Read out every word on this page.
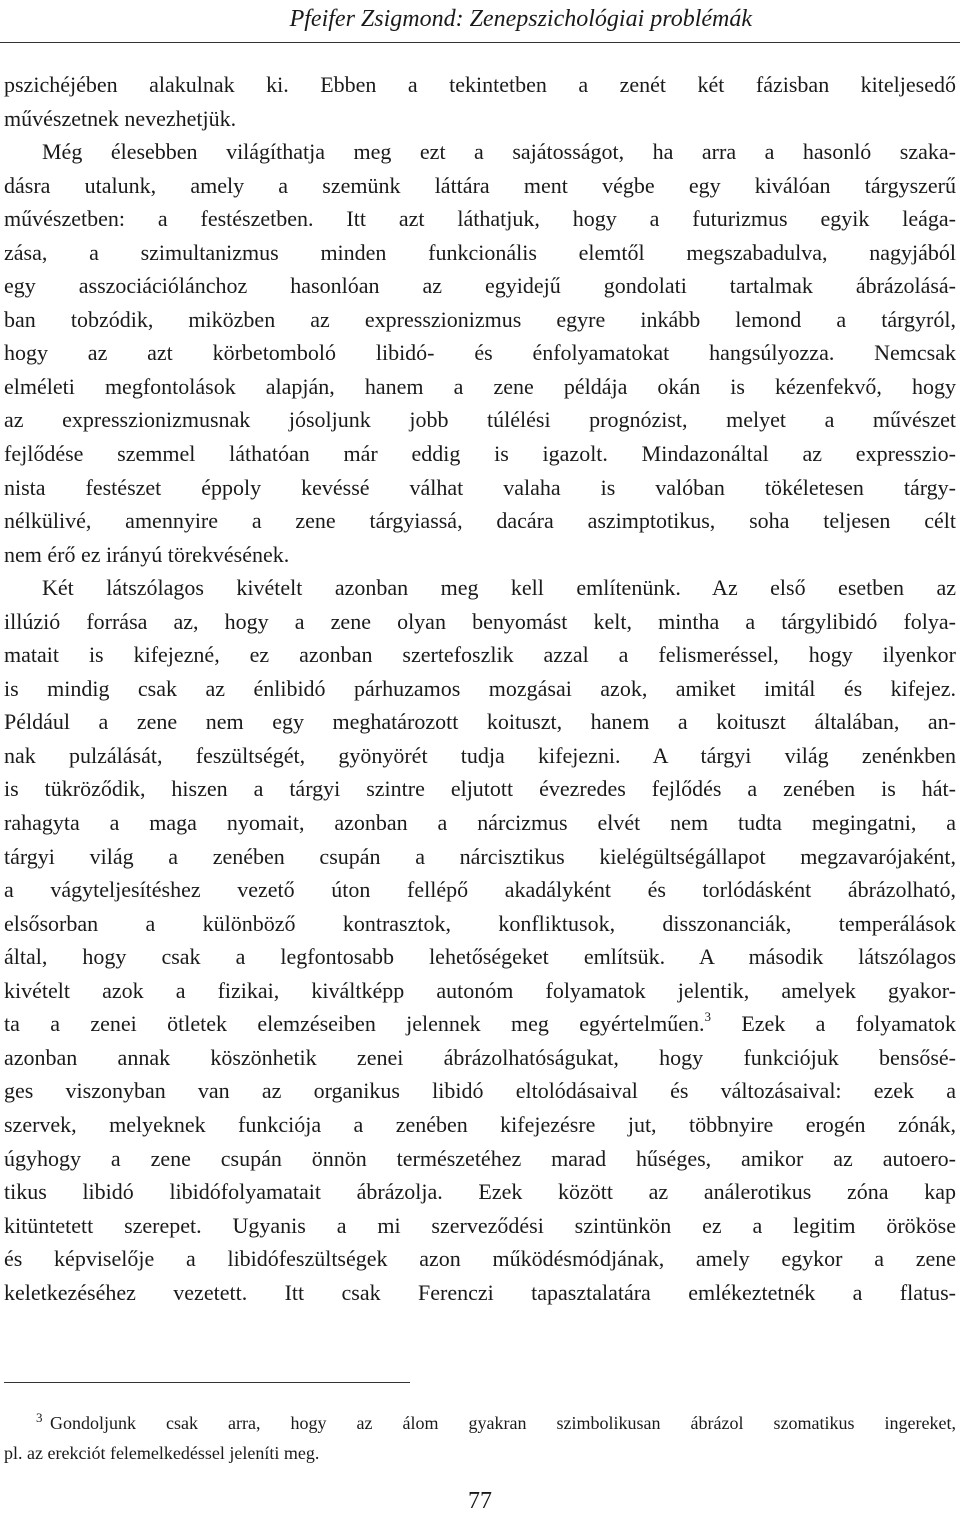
Pfeifer Zsigmond: Zenepszichológiai problémák
pszichéjében alakulnak ki. Ebben a tekintetben a zenét két fázisban kiteljesedő
művészetnek nevezhetjük.
Még élesebben világíthatja meg ezt a sajátosságot, ha arra a hasonló szaka-
dásra utalunk, amely a szemünk láttára ment végbe egy kiválóan tárgyszerű
művészetben: a festészetben. Itt azt láthatjuk, hogy a futurizmus egyik leága-
zása, a szimultanizmus minden funkcionális elemtől megszabadulva, nagyjából
egy asszociációlánchoz hasonlóan az egyidejű gondolati tartalmak ábrázolásá-
ban tobzódik, miközben az expresszionizmus egyre inkább lemond a tárgyról,
hogy az azt körbetomboló libidó- és énfolyamatokat hangsúlyozza. Nemcsak
elméleti megfontolások alapján, hanem a zene példája okán is kézenfekvő, hogy
az expresszionizmusnak jósoljunk jobb túlélési prognózist, melyet a művészet
fejlődése szemmel láthatóan már eddig is igazolt. Mindazonáltal az expresszio-
nista festészet éppoly kevéssé válhat valaha is valóban tökéletesen tárgy-
nélkülivé, amennyire a zene tárgyiassá, dacára aszimptotikus, soha teljesen célt
nem érő ez irányú törekvésének.
Két látszólagos kivételt azonban meg kell említenünk. Az első esetben az
illúzió forrása az, hogy a zene olyan benyomást kelt, mintha a tárgylibidó folya-
matait is kifejezné, ez azonban szertefoszlik azzal a felismeréssel, hogy ilyenkor
is mindig csak az énlibidó párhuzamos mozgásai azok, amiket imitál és kifejez.
Például a zene nem egy meghatározott koituszt, hanem a koituszt általában, an-
nak pulzálását, feszültségét, gyönyörét tudja kifejezni. A tárgyi világ zenénkben
is tükröződik, hiszen a tárgyi szintre eljutott évezredes fejlődés a zenében is hát-
rahagyta a maga nyomait, azonban a nárcizmus elvét nem tudta megingatni, a
tárgyi világ a zenében csupán a nárcisztikus kielégültségállapot megzavarójaként,
a vágyteljesítéshez vezető úton fellépő akadályként és torlódásként ábrázolható,
elsősorban a különböző kontrasztok, konfliktusok, disszonanciák, temperálások
által, hogy csak a legfontosabb lehetőségeket említsük. A második látszólagos
kivételt azok a fizikai, kiváltképp autonóm folyamatok jelentik, amelyek gyakor-
ta a zenei ötletek elemzéseiben jelennek meg egyértelműen.$^3$ Ezek a folyamatok
azonban annak köszönhetik zenei ábrázolhatóságukat, hogy funkciójuk bensősé-
ges viszonyban van az organikus libidó eltolódásaival és változásaival: ezek a
szervek, melyeknek funkciója a zenében kifejezésre jut, többnyire erogén zónák,
úgyhogy a zene csupán önnön természetéhez marad hűséges, amikor az autoero-
tikus libidó libidófolyamatait ábrázolja. Ezek között az análerotikus zóna kap
kitüntetett szerepet. Ugyanis a mi szerveződési szintünkön ez a legitim örököse
és képviselője a libidófeszültségek azon működésmódjának, amely egykor a zene
keletkezéséhez vezetett. Itt csak Ferenczi tapasztalatára emlékeztetnék a flatus-
3 Gondoljunk csak arra, hogy az álom gyakran szimbolikusan ábrázol szomatikus ingereket,
pl. az erekciót felemelkedéssel jeleníti meg.
77
